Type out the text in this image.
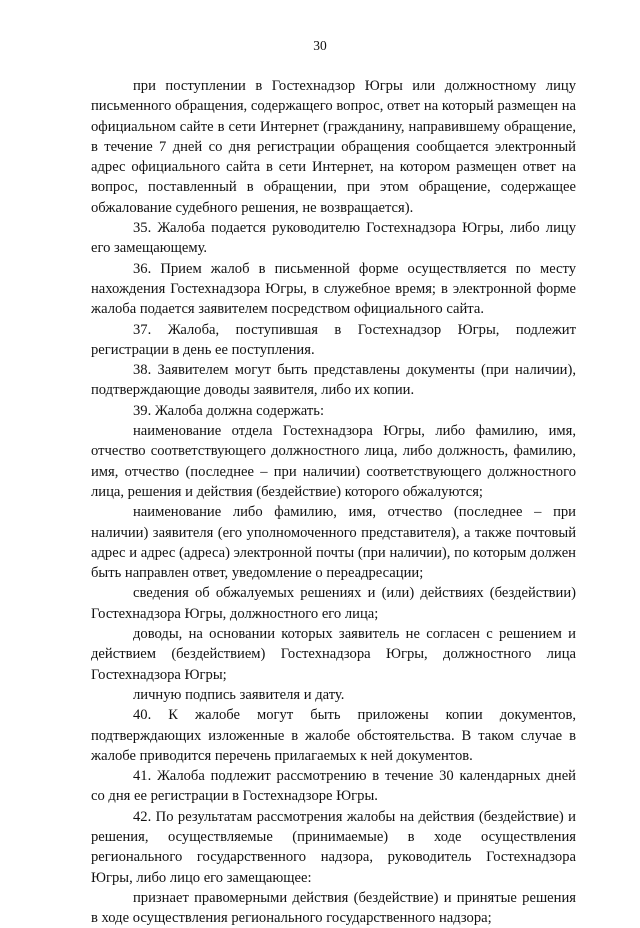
30

при поступлении в Гостехнадзор Югры или должностному лицу письменного обращения, содержащего вопрос, ответ на который размещен на официальном сайте в сети Интернет (гражданину, направившему обращение, в течение 7 дней со дня регистрации обращения сообщается электронный адрес официального сайта в сети Интернет, на котором размещен ответ на вопрос, поставленный в обращении, при этом обращение, содержащее обжалование судебного решения, не возвращается).

35. Жалоба подается руководителю Гостехнадзора Югры, либо лицу его замещающему.

36. Прием жалоб в письменной форме осуществляется по месту нахождения Гостехнадзора Югры, в служебное время; в электронной форме жалоба подается заявителем посредством официального сайта.

37. Жалоба, поступившая в Гостехнадзор Югры, подлежит регистрации в день ее поступления.

38. Заявителем могут быть представлены документы (при наличии), подтверждающие доводы заявителя, либо их копии.

39. Жалоба должна содержать:

наименование отдела Гостехнадзора Югры, либо фамилию, имя, отчество соответствующего должностного лица, либо должность, фамилию, имя, отчество (последнее – при наличии) соответствующего должностного лица, решения и действия (бездействие) которого обжалуются;

наименование либо фамилию, имя, отчество (последнее – при наличии) заявителя (его уполномоченного представителя), а также почтовый адрес и адрес (адреса) электронной почты (при наличии), по которым должен быть направлен ответ, уведомление о переадресации;

сведения об обжалуемых решениях и (или) действиях (бездействии) Гостехнадзора Югры, должностного его лица;

доводы, на основании которых заявитель не согласен с решением и действием (бездействием) Гостехнадзора Югры, должностного лица Гостехнадзора Югры;

личную подпись заявителя и дату.

40. К жалобе могут быть приложены копии документов, подтверждающих изложенные в жалобе обстоятельства. В таком случае в жалобе приводится перечень прилагаемых к ней документов.

41. Жалоба подлежит рассмотрению в течение 30 календарных дней со дня ее регистрации в Гостехнадзоре Югры.

42. По результатам рассмотрения жалобы на действия (бездействие) и решения, осуществляемые (принимаемые) в ходе осуществления регионального государственного надзора, руководитель Гостехнадзора Югры, либо лицо его замещающее:

признает правомерными действия (бездействие) и принятые решения в ходе осуществления регионального государственного надзора;
